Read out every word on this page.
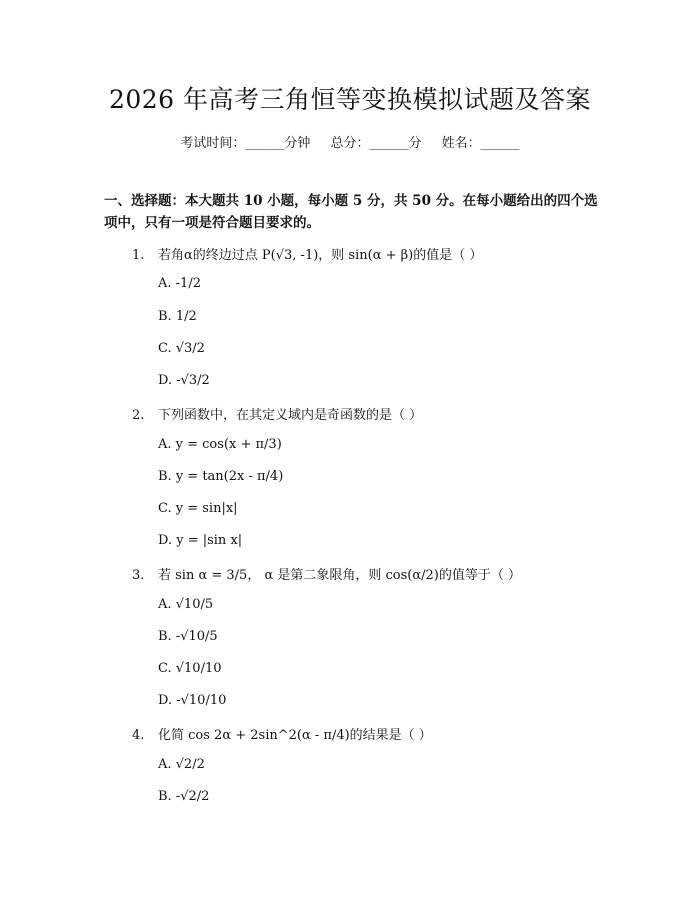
2026 年高考三角恒等变换模拟试题及答案
考试时间：______分钟 总分：______分 姓名：______
一、选择题：本大题共 10 小题，每小题 5 分，共 50 分。在每小题给出的四个选项中，只有一项是符合题目要求的。
1. 若角α的终边过点 P(√3, -1)，则 sin(α + β)的值是（ ）
A. -1/2
B. 1/2
C. √3/2
D. -√3/2
2. 下列函数中，在其定义域内是奇函数的是（ ）
A. y = cos(x + π/3)
B. y = tan(2x - π/4)
C. y = sin|x|
D. y = |sin x|
3. 若 sin α = 3/5， α 是第二象限角，则 cos(α/2)的值等于（ ）
A. √10/5
B. -√10/5
C. √10/10
D. -√10/10
4. 化简 cos 2α + 2sin^2(α - π/4)的结果是（ ）
A. √2/2
B. -√2/2
